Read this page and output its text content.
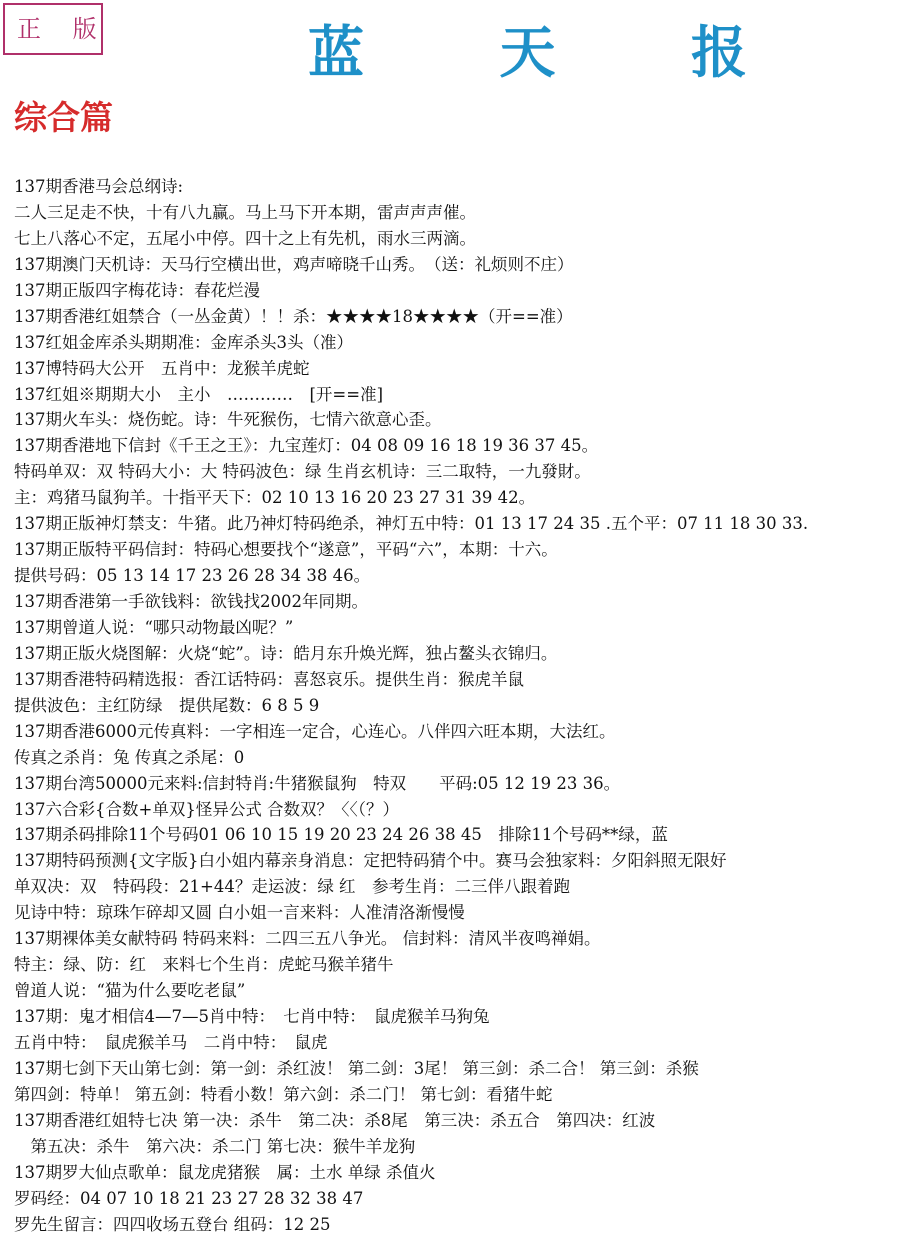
正 版	蓝 天 报
综合篇
137期香港马会总纲诗:
二人三足走不快，十有八九赢。马上马下开本期，雷声声声催。
七上八落心不定，五尾小中停。四十之上有先机，雨水三两滴。
137期澳门天机诗：天马行空横出世，鸡声啼晓千山秀。　（送：礼烦则不庄）
137期正版四字梅花诗：春花烂漫
137期香港红姐禁合（一丛金黄）！！杀：★★★★18★★★★（开==准）
137红姐金库杀头期期准：金库杀头3头（准）
137博特码大公开　五肖中：龙猴羊虎蛇
137红姐※期期大小　主小　…………　[开==准]
137期火车头：烧伤蛇。诗：牛死猴伤，七情六欲意心歪。
137期香港地下信封《千王之王》：九宝莲灯：04 08 09 16 18 19 36 37 45。
特码单双：双 特码大小：大 特码波色：绿 生肖玄机诗：三二取特，一九發財。
主：鸡猪马鼠狗羊。十指平天下：02 10 13 16 20 23 27 31 39 42。
137期正版神灯禁支：牛猪。此乃神灯特码绝杀，神灯五中特：01 13 17 24 35 .五个平：07 11 18 30 33.
137期正版特平码信封：特码心想要找个“遂意”，平码“六”，本期：十六。
提供号码：05 13 14 17 23 26 28 34 38 46。
137期香港第一手欲钱料：欲钱找2002年同期。
137期曾道人说：“哪只动物最凶呢？”
137期正版火烧图解：火烧“蛇”。诗：皓月东升焕光辉，独占鳌头衣锦归。
137期香港特码精选报：香江话特码：喜怒哀乐。提供生肖：猴虎羊鼠
提供波色：主红防绿　提供尾数：6 8 5 9
137期香港6000元传真料：一字相连一定合，心连心。八伴四六旺本期，大法红。
传真之杀肖：兔 传真之杀尾：0
137期台湾50000元来料:信封特肖:牛猪猴鼠狗　特双　　平码:05 12 19 23 36。
137六合彩{合数+单双}怪异公式 合数双？〈〈（？）
137期杀码排除11个号码01 06 10 15 19 20 23 24 26 38 45　排除11个号码**绿，蓝
137期特码预测{文字版}白小姐内幕亲身消息：定把特码猜个中。赛马会独家料：夕阳斜照无限好
单双决：双　特码段：21+44？走运波：绿 红　参考生肖：二三伴八跟着跑
见诗中特：琼珠乍碎却又圆 白小姐一言来料：人准清洛渐慢慢
137期裸体美女献特码 特码来料：二四三五八争光。 信封料：清风半夜鸣禅娟。
特主：绿、防：红　来料七个生肖：虎蛇马猴羊猪牛
曾道人说：“猫为什么要吃老鼠”
137期：鬼才相信4—7—5肖中特：　七肖中特：　鼠虎猴羊马狗兔
五肖中特：　鼠虎猴羊马　二肖中特：　鼠虎
137期七剑下天山第七剑：第一剑：杀红波！ 第二剑：3尾！ 第三剑：杀二合！ 第三剑：杀猴
第四剑：特单！ 第五剑：特看小数！第六剑：杀二门！ 第七剑：看猪牛蛇
137期香港红姐特七决 第一决：杀牛　第二决：杀8尾　第三决：杀五合　第四决：红波
　第五决：杀牛　第六决：杀二门 第七决：猴牛羊龙狗
137期罗大仙点歌单：鼠龙虎猪猴　属：土水 单绿 杀值火
罗码经：04 07 10 18 21 23 27 28 32 38 47
罗先生留言：四四收场五登台 组码：12 25
